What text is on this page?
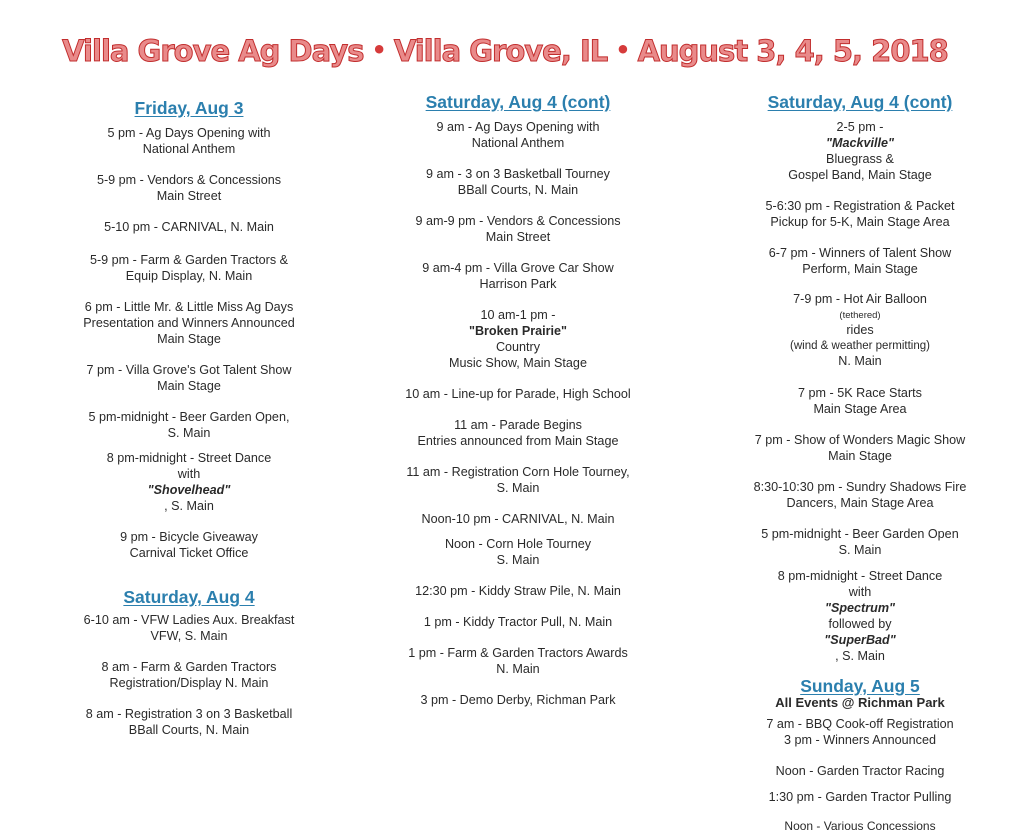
Villa Grove Ag Days • Villa Grove, IL • August 3, 4, 5, 2018
Friday, Aug 3
5 pm - Ag Days Opening with
National Anthem
5-9 pm - Vendors & Concessions
Main Street
5-10 pm - CARNIVAL, N. Main
5-9 pm - Farm & Garden Tractors &
Equip Display, N. Main
6 pm - Little Mr. & Little Miss Ag Days
Presentation and Winners Announced
Main Stage
7 pm - Villa Grove's Got Talent Show
Main Stage
5 pm-midnight - Beer Garden Open,
S. Main
8 pm-midnight - Street Dance
with
"Shovelhead"
, S. Main
9 pm - Bicycle Giveaway
Carnival Ticket Office
Saturday, Aug 4
6-10 am - VFW Ladies Aux. Breakfast
VFW, S. Main
8 am - Farm & Garden Tractors
Registration/Display N. Main
8 am - Registration 3 on 3 Basketball
BBall Courts, N. Main
Saturday, Aug 4 (cont)
9 am - Ag Days Opening with
National Anthem
9 am - 3 on 3 Basketball Tourney
BBall Courts, N. Main
9 am-9 pm - Vendors & Concessions
Main Street
9 am-4 pm - Villa Grove Car Show
Harrison Park
10 am-1 pm -
"Broken Prairie"
Country
Music Show, Main Stage
10 am - Line-up for Parade, High School
11 am - Parade Begins
Entries announced from Main Stage
11 am - Registration Corn Hole Tourney,
S. Main
Noon-10 pm - CARNIVAL, N. Main
Noon - Corn Hole Tourney
S. Main
12:30 pm - Kiddy Straw Pile, N. Main
1 pm - Kiddy Tractor Pull, N. Main
1 pm - Farm & Garden Tractors Awards
N. Main
3 pm - Demo Derby, Richman Park
Saturday, Aug 4 (cont)
2-5 pm -
"Mackville"
Bluegrass &
Gospel Band, Main Stage
5-6:30 pm - Registration & Packet
Pickup for 5-K, Main Stage Area
6-7 pm - Winners of Talent Show
Perform, Main Stage
7-9 pm - Hot Air Balloon
(tethered)
rides
(wind & weather permitting)
N. Main
7 pm - 5K Race Starts
Main Stage Area
7 pm - Show of Wonders Magic Show
Main Stage
8:30-10:30 pm - Sundry Shadows Fire
Dancers, Main Stage Area
5 pm-midnight - Beer Garden Open
S. Main
8 pm-midnight - Street Dance
with
"Spectrum"
followed by
"SuperBad"
, S. Main
Sunday, Aug 5
All Events @ Richman Park
7 am - BBQ Cook-off Registration
3 pm - Winners Announced
Noon - Garden Tractor Racing
1:30 pm - Garden Tractor Pulling
Noon - Various Concessions
